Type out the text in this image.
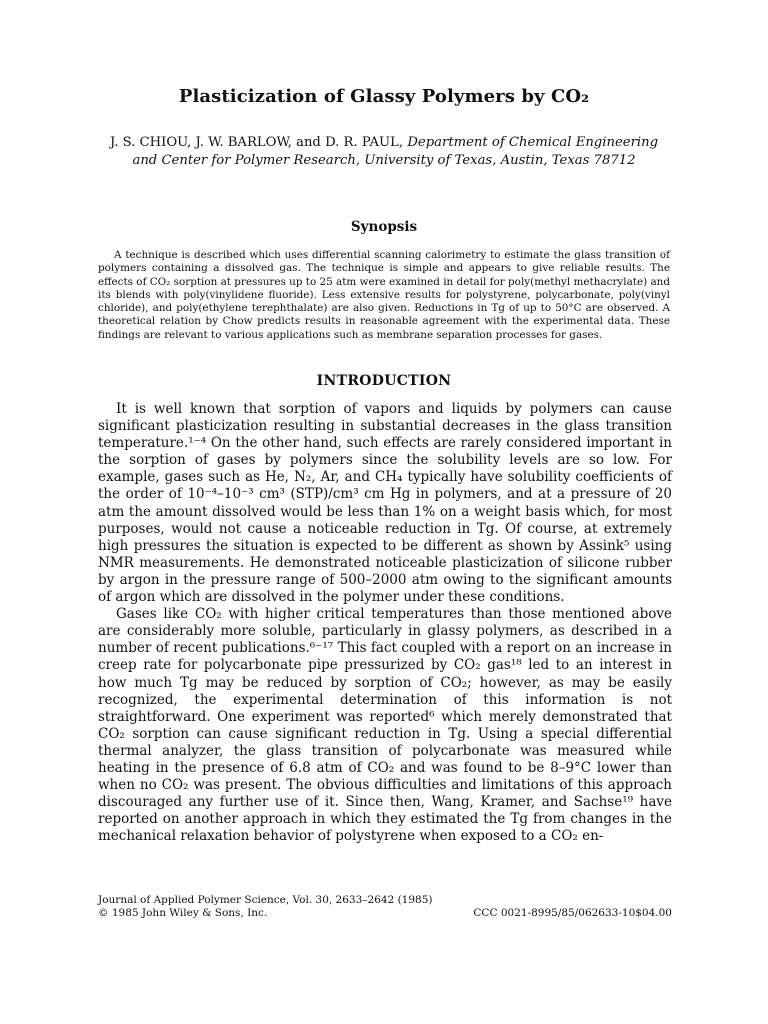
Plasticization of Glassy Polymers by CO₂
J. S. CHIOU, J. W. BARLOW, and D. R. PAUL, Department of Chemical Engineering and Center for Polymer Research, University of Texas, Austin, Texas 78712
Synopsis

A technique is described which uses differential scanning calorimetry to estimate the glass transition of polymers containing a dissolved gas. The technique is simple and appears to give reliable results. The effects of CO₂ sorption at pressures up to 25 atm were examined in detail for poly(methyl methacrylate) and its blends with poly(vinylidene fluoride). Less extensive results for polystyrene, polycarbonate, poly(vinyl chloride), and poly(ethylene terephthalate) are also given. Reductions in Tg of up to 50°C are observed. A theoretical relation by Chow predicts results in reasonable agreement with the experimental data. These findings are relevant to various applications such as membrane separation processes for gases.

INTRODUCTION

It is well known that sorption of vapors and liquids by polymers can cause significant plasticization resulting in substantial decreases in the glass transition temperature.¹⁻⁴ On the other hand, such effects are rarely considered important in the sorption of gases by polymers since the solubility levels are so low. For example, gases such as He, N₂, Ar, and CH₄ typically have solubility coefficients of the order of 10⁻⁴–10⁻³ cm³ (STP)/cm³ cm Hg in polymers, and at a pressure of 20 atm the amount dissolved would be less than 1% on a weight basis which, for most purposes, would not cause a noticeable reduction in Tg. Of course, at extremely high pressures the situation is expected to be different as shown by Assink⁵ using NMR measurements. He demonstrated noticeable plasticization of silicone rubber by argon in the pressure range of 500–2000 atm owing to the significant amounts of argon which are dissolved in the polymer under these conditions.

Gases like CO₂ with higher critical temperatures than those mentioned above are considerably more soluble, particularly in glassy polymers, as described in a number of recent publications.⁶⁻¹⁷ This fact coupled with a report on an increase in creep rate for polycarbonate pipe pressurized by CO₂ gas¹⁸ led to an interest in how much Tg may be reduced by sorption of CO₂; however, as may be easily recognized, the experimental determination of this information is not straightforward. One experiment was reported⁶ which merely demonstrated that CO₂ sorption can cause significant reduction in Tg. Using a special differential thermal analyzer, the glass transition of polycarbonate was measured while heating in the presence of 6.8 atm of CO₂ and was found to be 8–9°C lower than when no CO₂ was present. The obvious difficulties and limitations of this approach discouraged any further use of it. Since then, Wang, Kramer, and Sachse¹⁹ have reported on another approach in which they estimated the Tg from changes in the mechanical relaxation behavior of polystyrene when exposed to a CO₂ en-

Journal of Applied Polymer Science, Vol. 30, 2633–2642 (1985)
© 1985 John Wiley & Sons, Inc.	CCC 0021-8995/85/062633-10$04.00
